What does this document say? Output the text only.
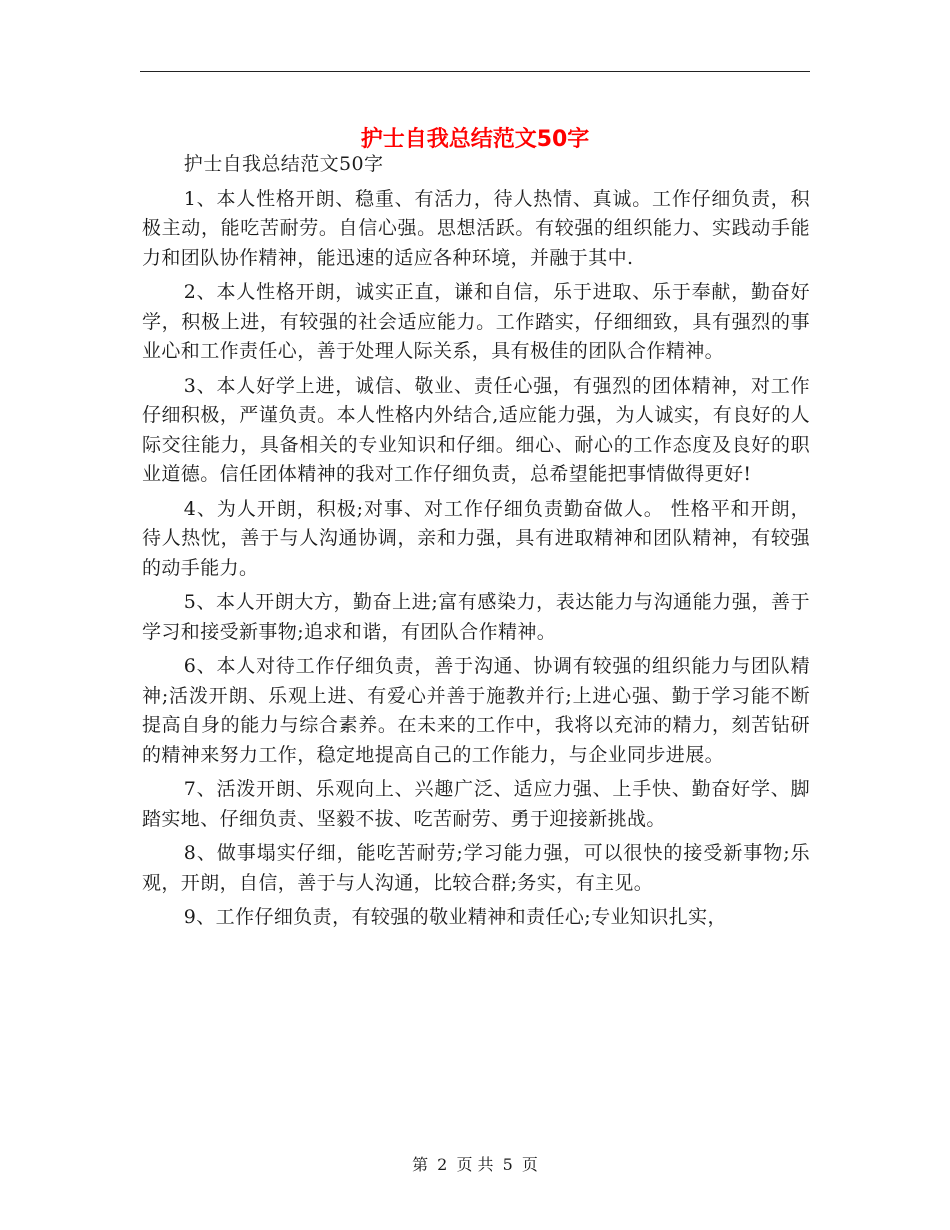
护士自我总结范文50字

护士自我总结范文50字

1、本人性格开朗、稳重、有活力，待人热情、真诚。工作仔细负责，积极主动，能吃苦耐劳。自信心强。思想活跃。有较强的组织能力、实践动手能力和团队协作精神，能迅速的适应各种环境，并融于其中.

2、本人性格开朗，诚实正直，谦和自信，乐于进取、乐于奉献，勤奋好学，积极上进，有较强的社会适应能力。工作踏实，仔细细致，具有强烈的事业心和工作责任心，善于处理人际关系，具有极佳的团队合作精神。

3、本人好学上进，诚信、敬业、责任心强，有强烈的团体精神，对工作仔细积极，严谨负责。本人性格内外结合,适应能力强，为人诚实，有良好的人际交往能力，具备相关的专业知识和仔细。细心、耐心的工作态度及良好的职业道德。信任团体精神的我对工作仔细负责，总希望能把事情做得更好!

4、为人开朗，积极;对事、对工作仔细负责勤奋做人。 性格平和开朗，待人热忱，善于与人沟通协调，亲和力强，具有进取精神和团队精神，有较强的动手能力。

5、本人开朗大方，勤奋上进;富有感染力，表达能力与沟通能力强，善于学习和接受新事物;追求和谐，有团队合作精神。

6、本人对待工作仔细负责，善于沟通、协调有较强的组织能力与团队精神;活泼开朗、乐观上进、有爱心并善于施教并行;上进心强、勤于学习能不断提高自身的能力与综合素养。在未来的工作中，我将以充沛的精力，刻苦钻研的精神来努力工作，稳定地提高自己的工作能力，与企业同步进展。

7、活泼开朗、乐观向上、兴趣广泛、适应力强、上手快、勤奋好学、脚踏实地、仔细负责、坚毅不拔、吃苦耐劳、勇于迎接新挑战。

8、做事塌实仔细，能吃苦耐劳;学习能力强，可以很快的接受新事物;乐观，开朗，自信，善于与人沟通，比较合群;务实，有主见。

9、工作仔细负责，有较强的敬业精神和责任心;专业知识扎实，

第 2 页 共 5 页
